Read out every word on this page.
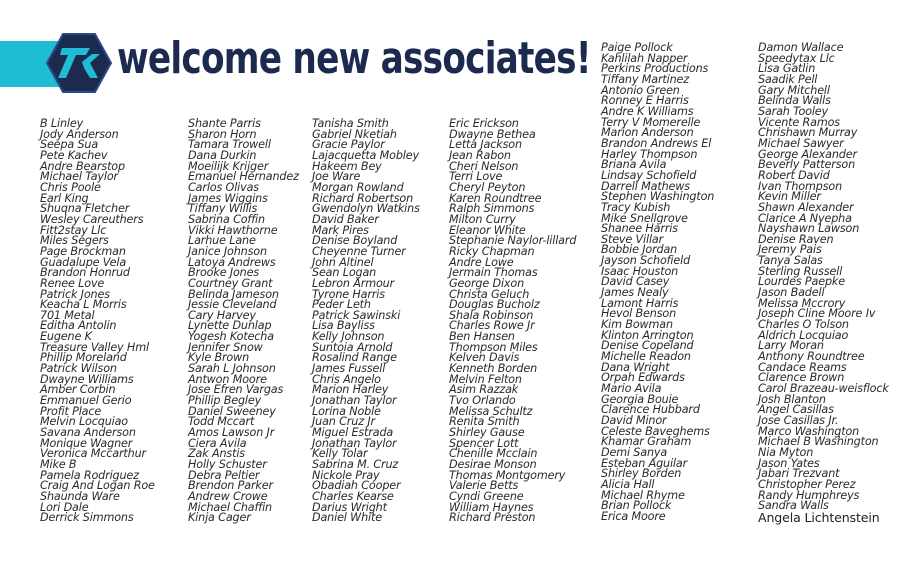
welcome new associates!
B Linley
Jody Anderson
Seepa Sua
Pete Kachev
Andre Bearstop
Michael Taylor
Chris Poole
Earl King
Shuqna Fletcher
Wesley Careuthers
Fitt2stay Llc
Miles Segers
Page Brockman
Guadalupe Vela
Brandon Honrud
Renee Love
Patrick Jones
Keacha L Morris
701 Metal
Editha Antolin
Eugene K
Treasure Valley Hml
Phillip Moreland
Patrick Wilson
Dwayne Williams
Amber Corbin
Emmanuel Gerio
Profit Place
Melvin Locquiao
Savana Anderson
Monique Wagner
Veronica Mccarthur
Mike B
Pamela Rodriguez
Craig And Logan Roe
Shaunda Ware
Lori Dale
Derrick Simmons
Shante Parris
Sharon Horn
Tamara Trowell
Dana Durkin
Moeilijk Krijger
Emanuel Hernandez
Carlos Olivas
James Wiggins
Tiffany Willis
Sabrina Coffin
Vikki Hawthorne
Larhue Lane
Janice Johnson
Latoya Andrews
Brooke Jones
Courtney Grant
Belinda Jameson
Jessie Cleveland
Cary Harvey
Lynette Dunlap
Yogesh Kotecha
Jennifer Snow
Kyle Brown
Sarah L Johnson
Antwon Moore
Jose Efren Vargas
Phillip Begley
Daniel Sweeney
Todd Mccart
Amos Lawson Jr
Ciera Avila
Zak Anstis
Holly Schuster
Debra Peltier
Brendon Parker
Andrew Crowe
Michael Chaffin
Kinja Cager
Tanisha Smith
Gabriel Nketiah
Gracie Paylor
Lajacquetta Mobley
Hakeem Bey
Joe Ware
Morgan Rowland
Richard Robertson
Gwendolyn Watkins
David Baker
Mark Pires
Denise Boyland
Cheyenne Turner
John Altinel
Sean Logan
Lebron Armour
Tyrone Harris
Peder Leth
Patrick Sawinski
Lisa Bayliss
Kelly Johnson
Suntoia Arnold
Rosalind Range
James Fussell
Chris Angelo
Marion Harley
Jonathan Taylor
Lorina Noble
Juan Cruz Jr
Miguel Estrada
Jonathan Taylor
Kelly Tolar
Sabrina M. Cruz
Nickole Pray
Obadiah Cooper
Charles Kearse
Darius Wright
Daniel White
Eric Erickson
Dwayne Bethea
Letta Jackson
Jean Rabon
Cheri Nelson
Terri Love
Cheryl Peyton
Karen Roundtree
Ralph Simmons
Milton Curry
Eleanor White
Stephanie Naylor-lillard
Ricky Chapman
Andre Lowe
Jermain Thomas
George Dixon
Christa Geluch
Douglas Bucholz
Shala Robinson
Charles Rowe Jr
Ben Hansen
Thompson Miles
Kelven Davis
Kenneth Borden
Melvin Felton
Asim Razzak
Tvo Orlando
Melissa Schultz
Renita Smith
Shirley Gause
Spencer Lott
Chenille Mcclain
Desirae Monson
Thomas Montgomery
Valerie Betts
Cyndi Greene
William Haynes
Richard Preston
Paige Pollock
Kahlilah Napper
Perkins Productions
Tiffany Martinez
Antonio Green
Ronney E Harris
Andre K Williams
Terry V Momerelle
Marion Anderson
Brandon Andrews El
Harley Thompson
Briana Avila
Lindsay Schofield
Darrell Mathews
Stephen Washington
Tracy Kubish
Mike Snellgrove
Shanee Harris
Steve Villar
Bobbie Jordan
Jayson Schofield
Isaac Houston
David Casey
James Nealy
Lamont Harris
Hevol Benson
Kim Bowman
Klinton Arrington
Denise Copeland
Michelle Readon
Dana Wright
Orpah Edwards
Mario Avila
Georgia Bouie
Clarence Hubbard
David Minor
Celeste Baveghems
Khamar Graham
Demi Sanya
Esteban Aguilar
Shirley Borden
Alicia Hall
Michael Rhyme
Brian Pollock
Erica Moore
Damon Wallace
Speedytax Llc
Lisa Gatlin
Saadik Pell
Gary Mitchell
Belinda Walls
Sarah Tooley
Vicente Ramos
Chrishawn Murray
Michael Sawyer
George Alexander
Beverly Patterson
Robert David
Ivan Thompson
Kevin Miller
Shawn Alexander
Clarice A Nyepha
Nayshawn Lawson
Denise Raven
Jeremy Pais
Tanya Salas
Sterling Russell
Lourdes Paepke
Jason Badell
Melissa Mccrory
Joseph Cline Moore Iv
Charles O Tolson
Aldrich Locquiao
Larry Moran
Anthony Roundtree
Candace Reams
Clarence Brown
Carol Brazeau-weisflock
Josh Blanton
Angel Casillas
Jose Casillas Jr.
Marco Washington
Michael B Washington
Nia Myton
Jason Yates
Jabari Trezvant
Christopher Perez
Randy Humphreys
Sandra Walls
Angela Lichtenstein
